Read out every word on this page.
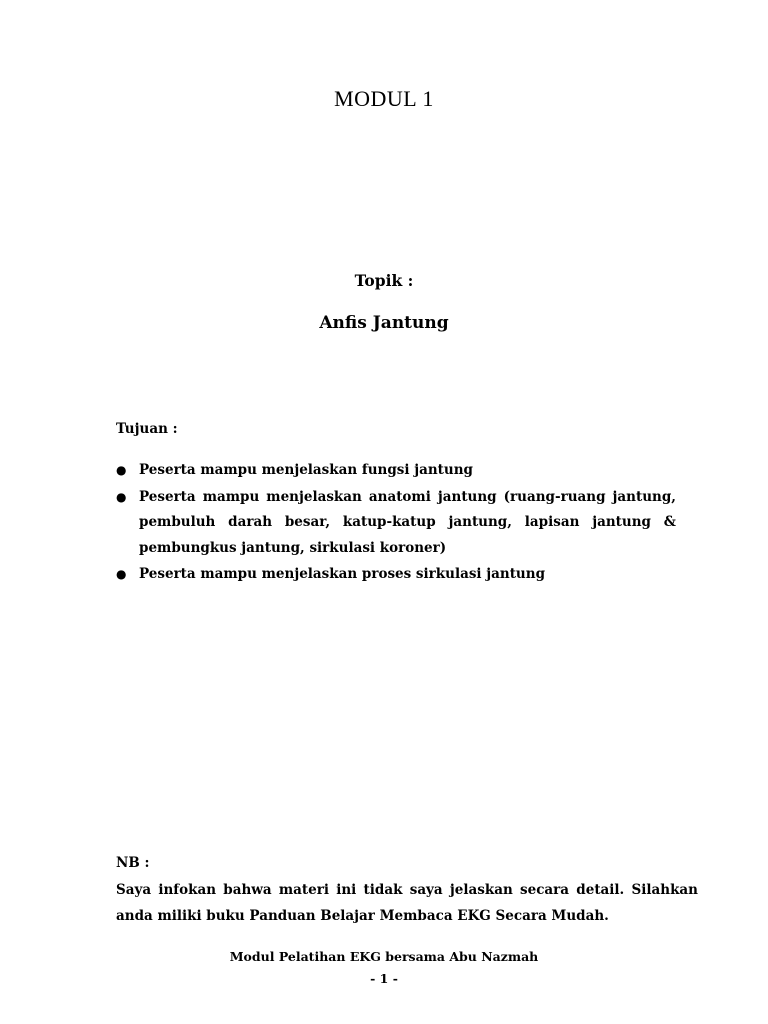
MODUL 1
Topik :
Anfis Jantung
Tujuan :
● Peserta mampu menjelaskan fungsi jantung
● Peserta mampu menjelaskan anatomi jantung (ruang-ruang jantung, pembuluh darah besar, katup-katup jantung, lapisan jantung & pembungkus jantung, sirkulasi koroner)
● Peserta mampu menjelaskan proses sirkulasi jantung
NB :
Saya infokan bahwa materi ini tidak saya jelaskan secara detail. Silahkan anda miliki buku Panduan Belajar Membaca EKG Secara Mudah.
Modul Pelatihan EKG bersama Abu Nazmah
- 1 -
